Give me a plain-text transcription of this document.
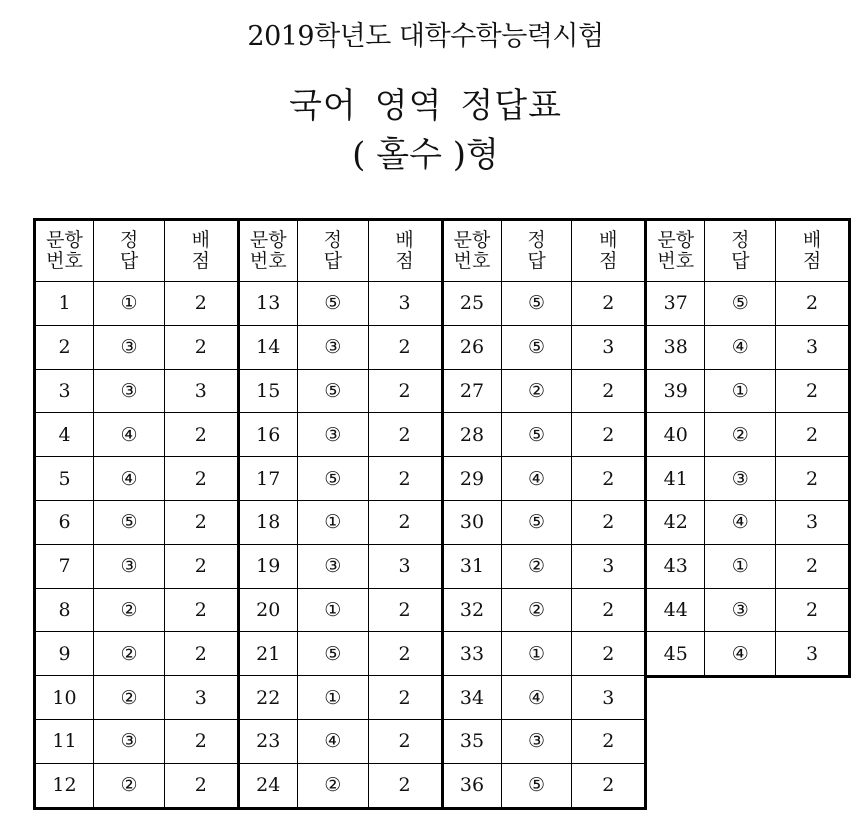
2019학년도 대학수학능력시험
국어 영역 정답표
( 홀수 )형
문항
번호	정 답	배 점
1	①	2
2	③	2
3	③	3
4	④	2
5	④	2
6	⑤	2
7	③	2
8	②	2
9	②	2
10	②	3
11	③	2
12	②	2
문항
번호	정 답	배 점
13	⑤	3
14	③	2
15	⑤	2
16	③	2
17	⑤	2
18	①	2
19	③	3
20	①	2
21	⑤	2
22	①	2
23	④	2
24	②	2
문항
번호	정 답	배 점
25	⑤	2
26	⑤	3
27	②	2
28	⑤	2
29	④	2
30	⑤	2
31	②	3
32	②	2
33	①	2
34	④	3
35	③	2
36	⑤	2
문항
번호	정 답	배 점
37	⑤	2
38	④	3
39	①	2
40	②	2
41	③	2
42	④	3
43	①	2
44	③	2
45	④	3
